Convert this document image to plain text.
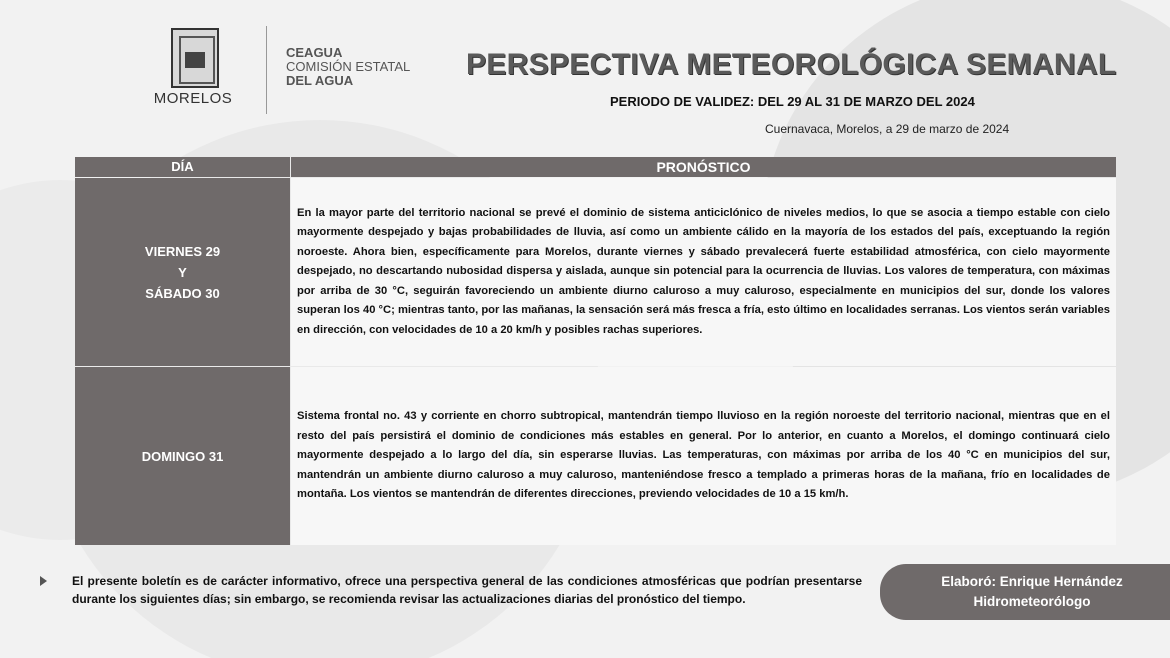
MORELOS
CEAGUA
COMISIÓN ESTATAL
DEL AGUA	PERSPECTIVA METEOROLÓGICA SEMANAL
PERIODO DE VALIDEZ: DEL 29 AL 31 DE MARZO DEL 2024
Cuernavaca, Morelos, a 29 de marzo de 2024
DÍA	PRONÓSTICO
VIERNES 29
Y
SÁBADO 30

En la mayor parte del territorio nacional se prevé el dominio de sistema anticiclónico de niveles medios, lo que se asocia a tiempo estable con cielo mayormente despejado y bajas probabilidades de lluvia, así como un ambiente cálido en la mayoría de los estados del país, exceptuando la región noroeste. Ahora bien, específicamente para Morelos, durante viernes y sábado prevalecerá fuerte estabilidad atmosférica, con cielo mayormente despejado, no descartando nubosidad dispersa y aislada, aunque sin potencial para la ocurrencia de lluvias. Los valores de temperatura, con máximas por arriba de 30 °C, seguirán favoreciendo un ambiente diurno caluroso a muy caluroso, especialmente en municipios del sur, donde los valores superan los 40 °C; mientras tanto, por las mañanas, la sensación será más fresca a fría, esto último en localidades serranas. Los vientos serán variables en dirección, con velocidades de 10 a 20 km/h y posibles rachas superiores.

DOMINGO 31

Sistema frontal no. 43 y corriente en chorro subtropical, mantendrán tiempo lluvioso en la región noroeste del territorio nacional, mientras que en el resto del país persistirá el dominio de condiciones más estables en general. Por lo anterior, en cuanto a Morelos, el domingo continuará cielo mayormente despejado a lo largo del día, sin esperarse lluvias. Las temperaturas, con máximas por arriba de los 40 °C en municipios del sur, mantendrán un ambiente diurno caluroso a muy caluroso, manteniéndose fresco a templado a primeras horas de la mañana, frío en localidades de montaña. Los vientos se mantendrán de diferentes direcciones, previendo velocidades de 10 a 15 km/h.

El presente boletín es de carácter informativo, ofrece una perspectiva general de las condiciones atmosféricas que podrían presentarse durante los siguientes días; sin embargo, se recomienda revisar las actualizaciones diarias del pronóstico del tiempo.

Elaboró: Enrique Hernández
Hidrometeorólogo
